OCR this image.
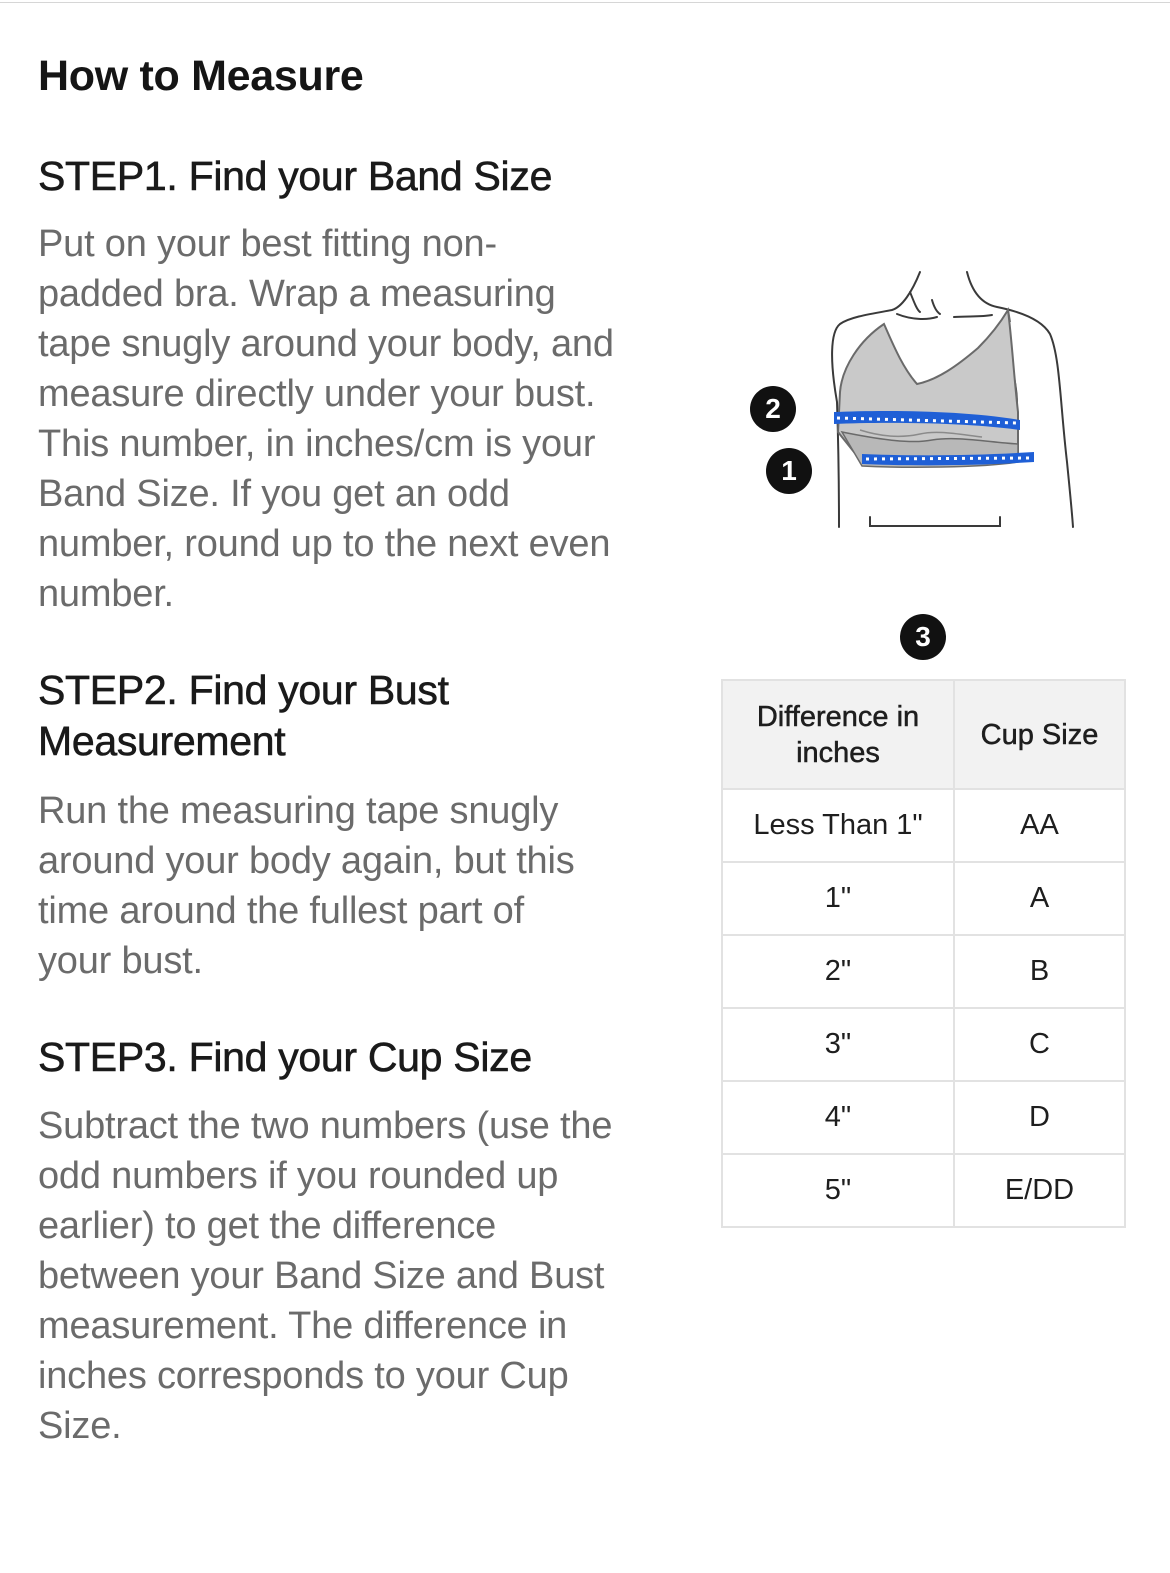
How to Measure
STEP1. Find your Band Size
Put on your best fitting non-
padded bra. Wrap a measuring
tape snugly around your body, and
measure directly under your bust.
This number, in inches/cm is your
Band Size. If you get an odd
number, round up to the next even
number.
STEP2. Find your Bust
Measurement
Run the measuring tape snugly
around your body again, but this
time around the fullest part of
your bust.
STEP3. Find your Cup Size
Subtract the two numbers (use the
odd numbers if you rounded up
earlier) to get the difference
between your Band Size and Bust
measurement. The difference in
inches corresponds to your Cup
Size.
2
1
3
Difference in
inches	Cup Size
Less Than 1"	AA
1"	A
2"	B
3"	C
4"	D
5"	E/DD
